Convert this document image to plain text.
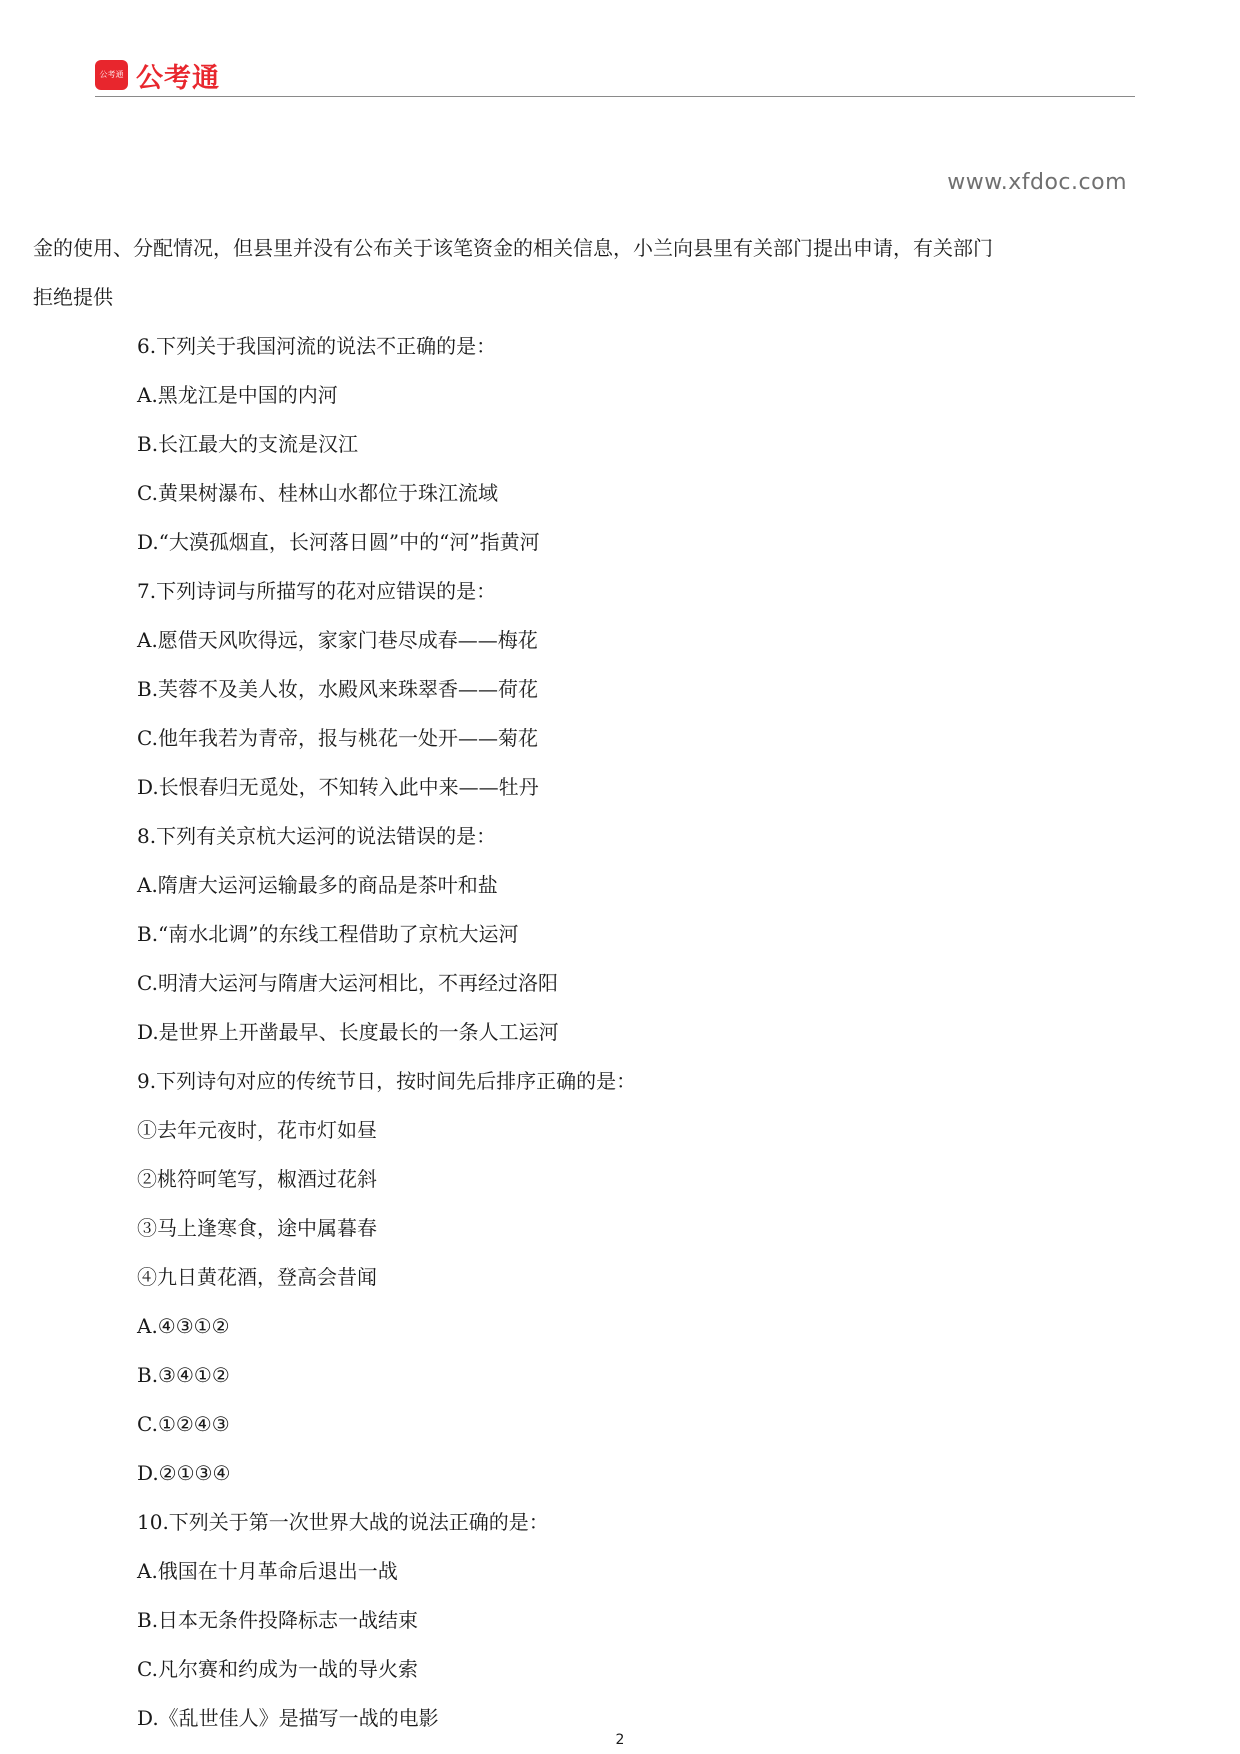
公考通 公考通
www.xfdoc.com
金的使用、分配情况，但县里并没有公布关于该笔资金的相关信息，小兰向县里有关部门提出申请，有关部门
拒绝提供
6.下列关于我国河流的说法不正确的是：
A.黑龙江是中国的内河
B.长江最大的支流是汉江
C.黄果树瀑布、桂林山水都位于珠江流域
D.“大漠孤烟直，长河落日圆”中的“河”指黄河
7.下列诗词与所描写的花对应错误的是：
A.愿借天风吹得远，家家门巷尽成春——梅花
B.芙蓉不及美人妆，水殿风来珠翠香——荷花
C.他年我若为青帝，报与桃花一处开——菊花
D.长恨春归无觅处，不知转入此中来——牡丹
8.下列有关京杭大运河的说法错误的是：
A.隋唐大运河运输最多的商品是茶叶和盐
B.“南水北调”的东线工程借助了京杭大运河
C.明清大运河与隋唐大运河相比，不再经过洛阳
D.是世界上开凿最早、长度最长的一条人工运河
9.下列诗句对应的传统节日，按时间先后排序正确的是：
①去年元夜时，花市灯如昼
②桃符呵笔写，椒酒过花斜
③马上逢寒食，途中属暮春
④九日黄花酒，登高会昔闻
A.④③①②
B.③④①②
C.①②④③
D.②①③④
10.下列关于第一次世界大战的说法正确的是：
A.俄国在十月革命后退出一战
B.日本无条件投降标志一战结束
C.凡尔赛和约成为一战的导火索
D.《乱世佳人》是描写一战的电影
2
